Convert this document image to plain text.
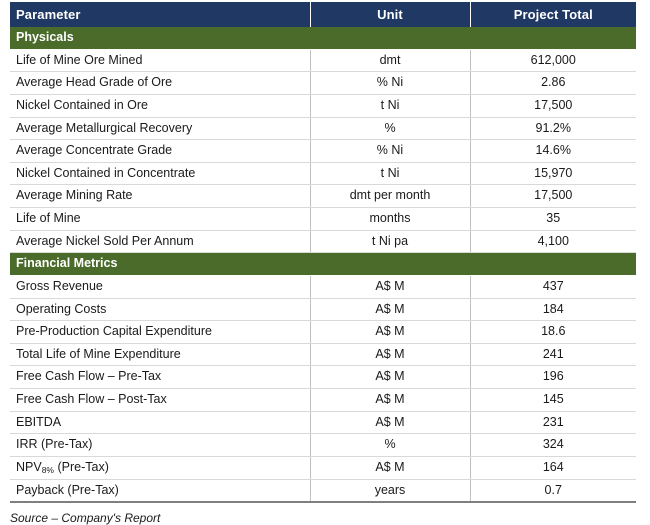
Parameter	Unit	Project Total
Physicals		
Life of Mine Ore Mined	dmt	612,000
Average Head Grade of Ore	% Ni	2.86
Nickel Contained in Ore	t Ni	17,500
Average Metallurgical Recovery	%	91.2%
Average Concentrate Grade	% Ni	14.6%
Nickel Contained in Concentrate	t Ni	15,970
Average Mining Rate	dmt per month	17,500
Life of Mine	months	35
Average Nickel Sold Per Annum	t Ni pa	4,100
Financial Metrics		
Gross Revenue	A$ M	437
Operating Costs	A$ M	184
Pre-Production Capital Expenditure	A$ M	18.6
Total Life of Mine Expenditure	A$ M	241
Free Cash Flow – Pre-Tax	A$ M	196
Free Cash Flow – Post-Tax	A$ M	145
EBITDA	A$ M	231
IRR (Pre-Tax)	%	324
$NPV_{8\%}$ (Pre-Tax)	A$ M	164
Payback (Pre-Tax)	years	0.7
Source – Company's Report
